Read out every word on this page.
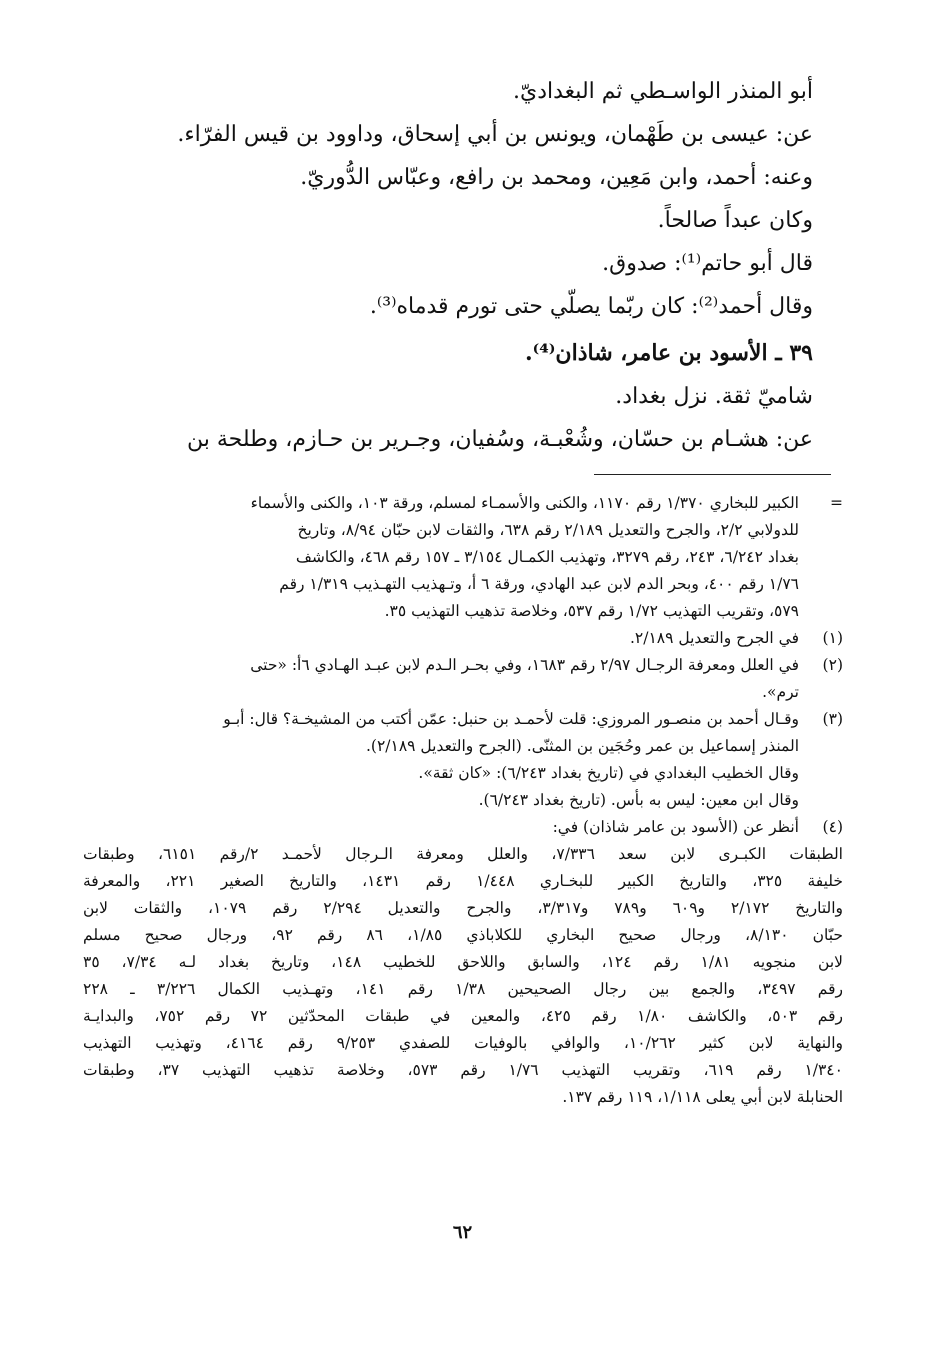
أبو المنذر الواسـطي ثم البغداديّ.
عن: عيسى بن طَهْمان، ويونس بن أبي إسحاق، وداوود بن قيس الفرّاء.
وعنه: أحمد، وابن مَعِين، ومحمد بن رافع، وعبّاس الدُّوريّ.
وكان عبداً صالحاً.
قال أبو حاتم⁽¹⁾: صدوق.
وقال أحمد⁽²⁾: كان ربّما يصلّي حتى تورم قدماه⁽³⁾.
٣٩ ـ الأسود بن عامر، شاذان⁽⁴⁾.
شاميّ ثقة. نزل بغداد.
عن: هشـام بن حسّان، وشُعْبـة، وسُفيان، وجـرير بن حـازم، وطلحة بن
=
الكبير للبخاري ١/٣٧٠ رقم ١١٧٠، والكنى والأسمـاء لمسلم، ورقة ١٠٣، والكنى والأسماء
للدولابي ٢/٢، والجرح والتعديل ٢/١٨٩ رقم ٦٣٨، والثقات لابن حبّان ٨/٩٤، وتاريخ
بغداد ٦/٢٤٢، ٢٤٣، رقم ٣٢٧٩، وتهذيب الكمـال ٣/١٥٤ ـ ١٥٧ رقم ٤٦٨، والكاشف
١/٧٦ رقم ٤٠٠، وبحر الدم لابن عبد الهادي، ورقة ٦ أ، وتـهذيب التهـذيب ١/٣١٩ رقم
٥٧٩، وتقريب التهذيب ١/٧٢ رقم ٥٣٧، وخلاصة تذهيب التهذيب ٣٥.
(١)
في الجرح والتعديل ٢/١٨٩.
(٢)
في العلل ومعرفة الرجـال ٢/٩٧ رقم ١٦٨٣، وفي بحـر الـدم لابن عبـد الهـادي ٦أ: «حتى
ترم».
(٣)
وقـال أحمد بن منصـور المروزي: قلت لأحمـد بن حنبل: عمّن أكتب من المشيخـة؟ قال: أبـو
المنذر إسماعيل بن عمر وحُجَين بن المثنّى. (الجرح والتعديل ٢/١٨٩).
وقال الخطيب البغدادي في (تاريخ بغداد ٦/٢٤٣): «كان ثقة».
وقال ابن معين: ليس به بأس. (تاريخ بغداد ٦/٢٤٣).
(٤)
أنظر عن (الأسود بن عامر شاذان) في:
الطبقات الكبـرى لابن سعد ٧/٣٣٦، والعلل ومعرفة الـرجال لأحمـد ٢/رقم ٦١٥١، وطبقات
خليفة ٣٢٥، والتاريخ الكبير للبخـاري ١/٤٤٨ رقم ١٤٣١، والتاريخ الصغير ٢٢١، والمعرفة
والتاريخ ٢/١٧٢ و٦٠٩ و٧٨٩ و٣/٣١٧، والجرح والتعديل ٢/٢٩٤ رقم ١٠٧٩، والثقات لابن
حبّان ٨/١٣٠، ورجال صحيح البخاري للكلاباذي ١/٨٥، ٨٦ رقم ٩٢، ورجال صحيح مسلم
لابن منجويه ١/٨١ رقم ١٢٤، والسابق واللاحق للخطيب ١٤٨، وتاريخ بغداد لـه ٧/٣٤، ٣٥
رقم ٣٤٩٧، والجمع بين رجال الصحيحين ١/٣٨ رقم ١٤١، وتهـذيب الكمال ٣/٢٢٦ ـ ٢٢٨
رقم ٥٠٣، والكاشف ١/٨٠ رقم ٤٢٥، والمعين في طبقات المحدّثين ٧٢ رقم ٧٥٢، والبدايـة
والنهاية لابن كثير ١٠/٢٦٢، والوافي بالوفيات للصفدي ٩/٢٥٣ رقم ٤١٦٤، وتهذيب التهذيب
١/٣٤٠ رقم ٦١٩، وتقريب التهذيب ١/٧٦ رقم ٥٧٣، وخلاصة تذهيب التهذيب ٣٧، وطبقات
الحنابلة لابن أبي يعلى ١/١١٨، ١١٩ رقم ١٣٧.
٦٢
